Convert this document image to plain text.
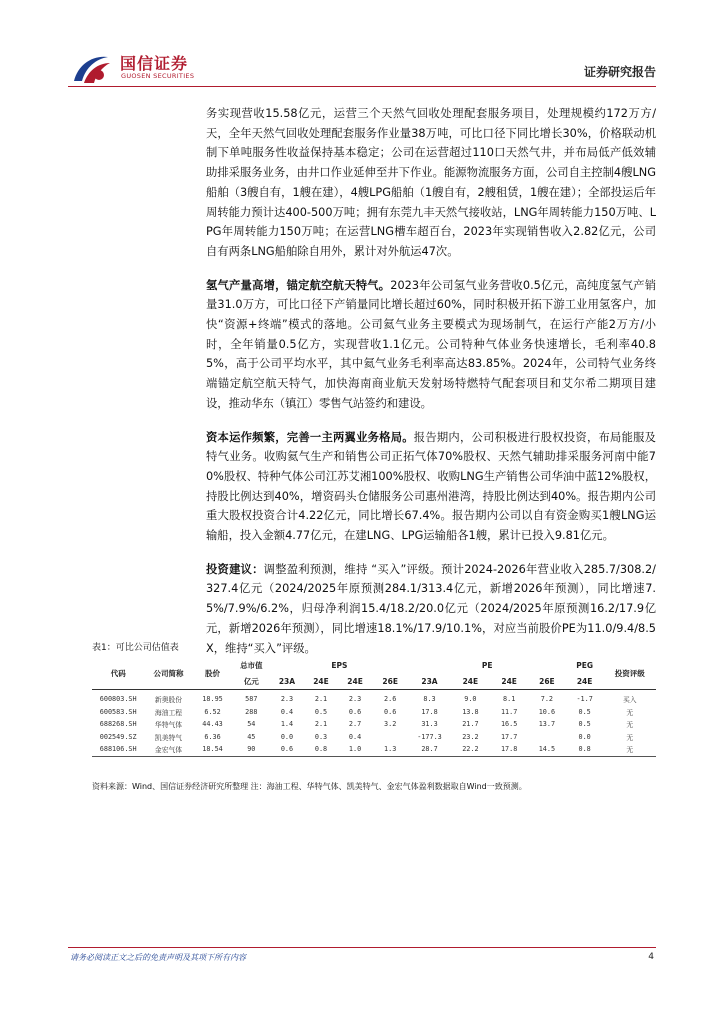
国信证券
GUOSEN SECURITIES	证券研究报告

务实现营收15.58亿元，运营三个天然气回收处理配套服务项目，处理规模约172万方/天，全年天然气回收处理配套服务作业量38万吨，可比口径下同比增长30%，价格联动机制下单吨服务性收益保持基本稳定；公司在运营超过110口天然气井，并布局低产低效辅助排采服务业务，由井口作业延伸至井下作业。能源物流服务方面，公司自主控制4艘LNG船舶（3艘自有，1艘在建），4艘LPG船舶（1艘自有，2艘租赁，1艘在建）；全部投运后年周转能力预计达400-500万吨；拥有东莞九丰天然气接收站，LNG年周转能力150万吨、LPG年周转能力150万吨；在运营LNG槽车超百台，2023年实现销售收入2.82亿元，公司自有两条LNG船舶除自用外，累计对外航运47次。

氢气产量高增，锚定航空航天特气。2023年公司氢气业务营收0.5亿元，高纯度氢气产销量31.0万方，可比口径下产销量同比增长超过60%，同时积极开拓下游工业用氢客户，加快“资源+终端”模式的落地。公司氦气业务主要模式为现场制气，在运行产能2万方/小时，全年销量0.5亿方，实现营收1.1亿元。公司特种气体业务快速增长，毛利率40.85%，高于公司平均水平，其中氦气业务毛利率高达83.85%。2024年，公司特气业务终端锚定航空航天特气，加快海南商业航天发射场特燃特气配套项目和艾尔希二期项目建设，推动华东（镇江）零售气站签约和建设。

资本运作频繁，完善一主两翼业务格局。报告期内，公司积极进行股权投资，布局能服及特气业务。收购氦气生产和销售公司正拓气体70%股权、天然气辅助排采服务河南中能70%股权、特种气体公司江苏艾湘100%股权、收购LNG生产销售公司华油中蓝12%股权，持股比例达到40%，增资码头仓储服务公司惠州港湾，持股比例达到40%。报告期内公司重大股权投资合计4.22亿元，同比增长67.4%。报告期内公司以自有资金购买1艘LNG运输船，投入金额4.77亿元，在建LNG、LPG运输船各1艘，累计已投入9.81亿元。

投资建议：调整盈利预测，维持 “买入”评级。预计2024-2026年营业收入285.7/308.2/327.4亿元（2024/2025年原预测284.1/313.4亿元，新增2026年预测），同比增速7.5%/7.9%/6.2%，归母净利润15.4/18.2/20.0亿元（2024/2025年原预测16.2/17.9亿元，新增2026年预测），同比增速18.1%/17.9/10.1%，对应当前股价PE为11.0/9.4/8.5X，维持“买入”评级。

表1：可比公司估值表
代码	公司简称	股价	总市值	EPS				PE				PEG	投资评级
			亿元	23A	24E	24E	26E	23A	24E	24E	26E	24E	
600803.SH	新奥股份	18.95	587	2.3	2.1	2.3	2.6	8.3	9.0	8.1	7.2	-1.7	买入
600583.SH	海油工程	6.52	288	0.4	0.5	0.6	0.6	17.8	13.8	11.7	10.6	0.5	无
688268.SH	华特气体	44.43	54	1.4	2.1	2.7	3.2	31.3	21.7	16.5	13.7	0.5	无
002549.SZ	凯美特气	6.36	45	0.0	0.3	0.4		-177.3	23.2	17.7		0.0	无
688106.SH	金宏气体	18.54	90	0.6	0.8	1.0	1.3	28.7	22.2	17.8	14.5	0.8	无
资料来源：Wind、国信证券经济研究所整理 注：海油工程、华特气体、凯美特气、金宏气体盈利数据取自Wind一致预测。
请务必阅读正文之后的免责声明及其项下所有内容	4
